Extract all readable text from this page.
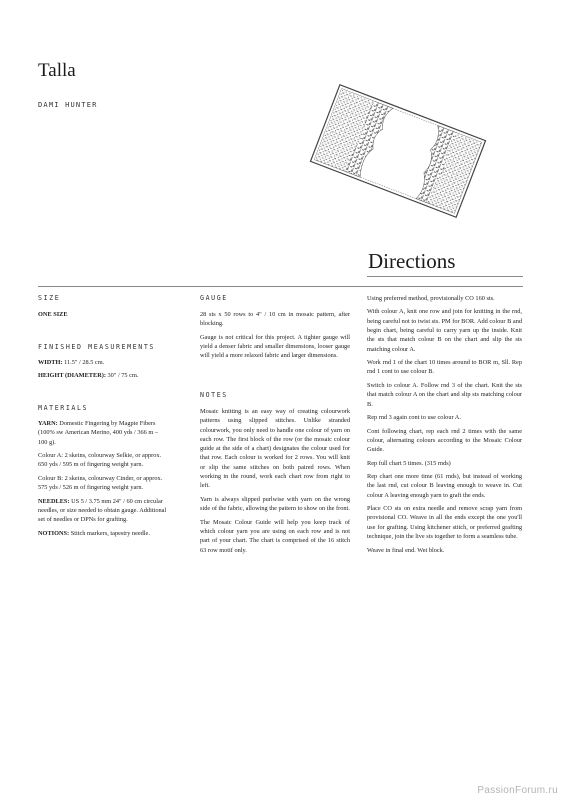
Talla
DAMI HUNTER
Directions
SIZE
ONE SIZE
FINISHED MEASUREMENTS

WIDTH: 11.5" / 28.5 cm.

HEIGHT (DIAMETER): 30" / 75 cm.

MATERIALS

YARN: Domestic Fingering by Magpie Fibers (100% sw American Merino, 400 yds / 366 m – 100 g).

Colour A: 2 skeins, colourway Selkie, or approx. 650 yds / 595 m of fingering weight yarn.

Colour B: 2 skeins, colourway Cinder, or approx. 575 yds / 526 m of fingering weight yarn.

NEEDLES: US 5 / 3.75 mm 24" / 60 cm circular needles, or size needed to obtain gauge. Additional set of needles or DPNs for grafting.

NOTIONS: Stitch markers, tapestry needle.

GAUGE

28 sts x 50 rows to 4" / 10 cm in mosaic pattern, after blocking.

Gauge is not critical for this project. A tighter gauge will yield a denser fabric and smaller dimensions, looser gauge will yield a more relaxed fabric and larger dimensions.

NOTES

Mosaic knitting is an easy way of creating colourwork patterns using slipped stitches. Unlike stranded colourwork, you only need to handle one colour of yarn on each row. The first block of the row (or the mosaic colour guide at the side of a chart) designates the colour used for that row. Each colour is worked for 2 rows. You will knit or slip the same stitches on both paired rows. When working in the round, work each chart row from right to left.

Yarn is always slipped purlwise with yarn on the wrong side of the fabric, allowing the pattern to show on the front.

The Mosaic Colour Guide will help you keep track of which colour yarn you are using on each row and is not part of your chart. The chart is comprised of the 16 stitch 63 row motif only.

Using preferred method, provisionally CO 160 sts.

With colour A, knit one row and join for knitting in the rnd, being careful not to twist sts. PM for BOR. Add colour B and begin chart, being careful to carry yarn up the inside. Knit the sts that match colour B on the chart and slip the sts matching colour A.

Work rnd 1 of the chart 10 times around to BOR m, Sll. Rep rnd 1 cont to use colour B.

Switch to colour A. Follow rnd 3 of the chart. Knit the sts that match colour A on the chart and slip sts matching colour B.

Rep rnd 3 again cont to use colour A.

Cont following chart, rep each rnd 2 times with the same colour, alternating colours according to the Mosaic Colour Guide.

Rep full chart 5 times. (315 rnds)

Rep chart one more time (61 rnds), but instead of working the last rnd, cut colour B leaving enough to weave in. Cut colour A leaving enough yarn to graft the ends.

Place CO sts on extra needle and remove scrap yarn from provisional CO. Weave in all the ends except the one you'll use for grafting. Using kitchener stitch, or preferred grafting technique, join the live sts together to form a seamless tube.

Weave in final end. Wet block.

PassionForum.ru
